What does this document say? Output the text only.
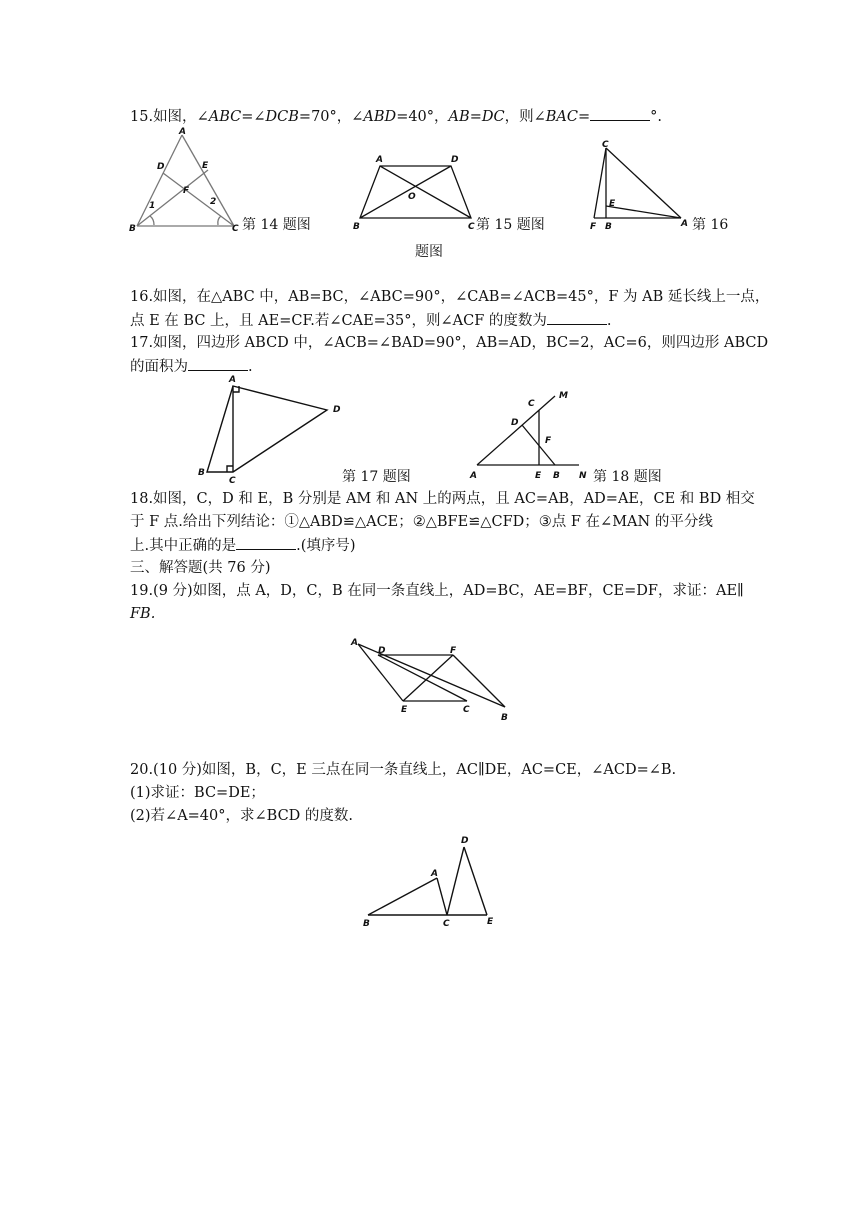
15.如图，∠ABC=∠DCB=70°，∠ABD=40°，AB=DC，则∠BAC=	°.
A
D	E
F
1	2
B	C 第 14 题图
A	D
O
B	C 第 15 题图
C
E
F B	A 第 16
题图
16.如图，在△ABC 中，AB=BC，∠ABC=90°，∠CAB=∠ACB=45°，F 为 AB 延长线上一点，
点 E 在 BC 上，且 AE=CF.若∠CAE=35°，则∠ACF 的度数为	.
17.如图，四边形 ABCD 中，∠ACB=∠BAD=90°，AB=AD，BC=2，AC=6，则四边形 ABCD
的面积为	.
A
D
B
C	第 17 题图
C
M
D
F
A	E B N 第 18 题图
18.如图，C，D 和 E，B 分别是 AM 和 AN 上的两点，且 AC=AB，AD=AE，CE 和 BD 相交
于 F 点.给出下列结论：①△ABD≌△ACE；②△BFE≌△CFD；③点 F 在∠MAN 的平分线
上.其中正确的是	.(填序号)
三、解答题(共 76 分)
19.(9 分)如图，点 A，D，C，B 在同一条直线上，AD=BC，AE=BF，CE=DF，求证：AE∥
FB.
A
D	F
E	C
B
20.(10 分)如图，B，C，E 三点在同一条直线上，AC∥DE，AC=CE，∠ACD=∠B.
(1)求证：BC=DE；
(2)若∠A=40°，求∠BCD 的度数.
D
A
B	C	E
